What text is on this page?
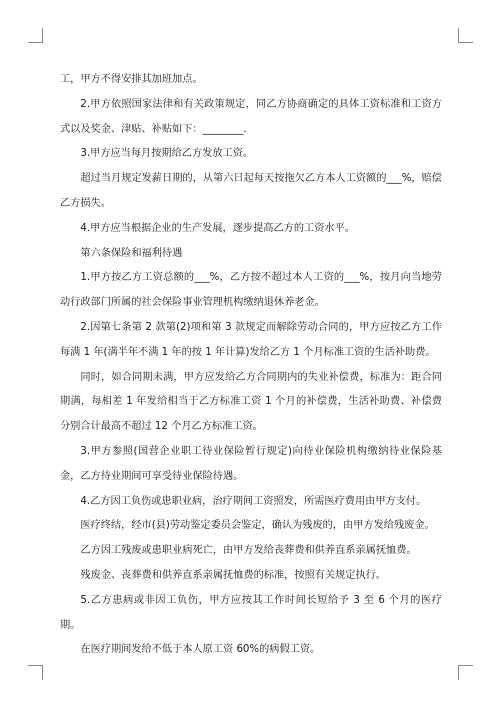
工，甲方不得安排其加班加点。

2.甲方依照国家法律和有关政策规定，同乙方协商确定的具体工资标准和工资方式以及奖金、津贴、补贴如下：________.

3.甲方应当每月按期给乙方发放工资。

超过当月规定发薪日期的，从第六日起每天按拖欠乙方本人工资额的___%，赔偿乙方损失。

4.甲方应当根据企业的生产发展，逐步提高乙方的工资水平。

第六条保险和福利待遇

1.甲方按乙方工资总额的___%，乙方按不超过本人工资的___%，按月向当地劳动行政部门所属的社会保险事业管理机构缴纳退休养老金。

2.因第七条第 2 款第(2)项和第 3 款规定而解除劳动合同的，甲方应按乙方工作每满 1 年(满半年不满 1 年的按 1 年计算)发给乙方 1 个月标准工资的生活补助费。

同时，如合同期未满，甲方应发给乙方合同期内的失业补偿费，标准为：距合同期满，每相差 1 年发给相当于乙方标准工资 1 个月的补偿费，生活补助费、补偿费分别合计最高不超过 12 个月乙方标准工资。

3.甲方参照(国营企业职工待业保险暂行规定)向待业保险机构缴纳待业保险基金，乙方待业期间可享受待业保险待遇。

4.乙方因工负伤或患职业病，治疗期间工资照发，所需医疗费用由甲方支付。

医疗终结，经市(县)劳动鉴定委员会鉴定，确认为残废的，由甲方发给残废金。

乙方因工残废或患职业病死亡，由甲方发给丧葬费和供养直系亲属抚恤费。

残废金、丧葬费和供养直系亲属抚恤费的标准，按照有关规定执行。

5.乙方患病或非因工负伤，甲方应按其工作时间长短给予 3 至 6 个月的医疗期。

在医疗期间发给不低于本人原工资 60%的病假工资。
